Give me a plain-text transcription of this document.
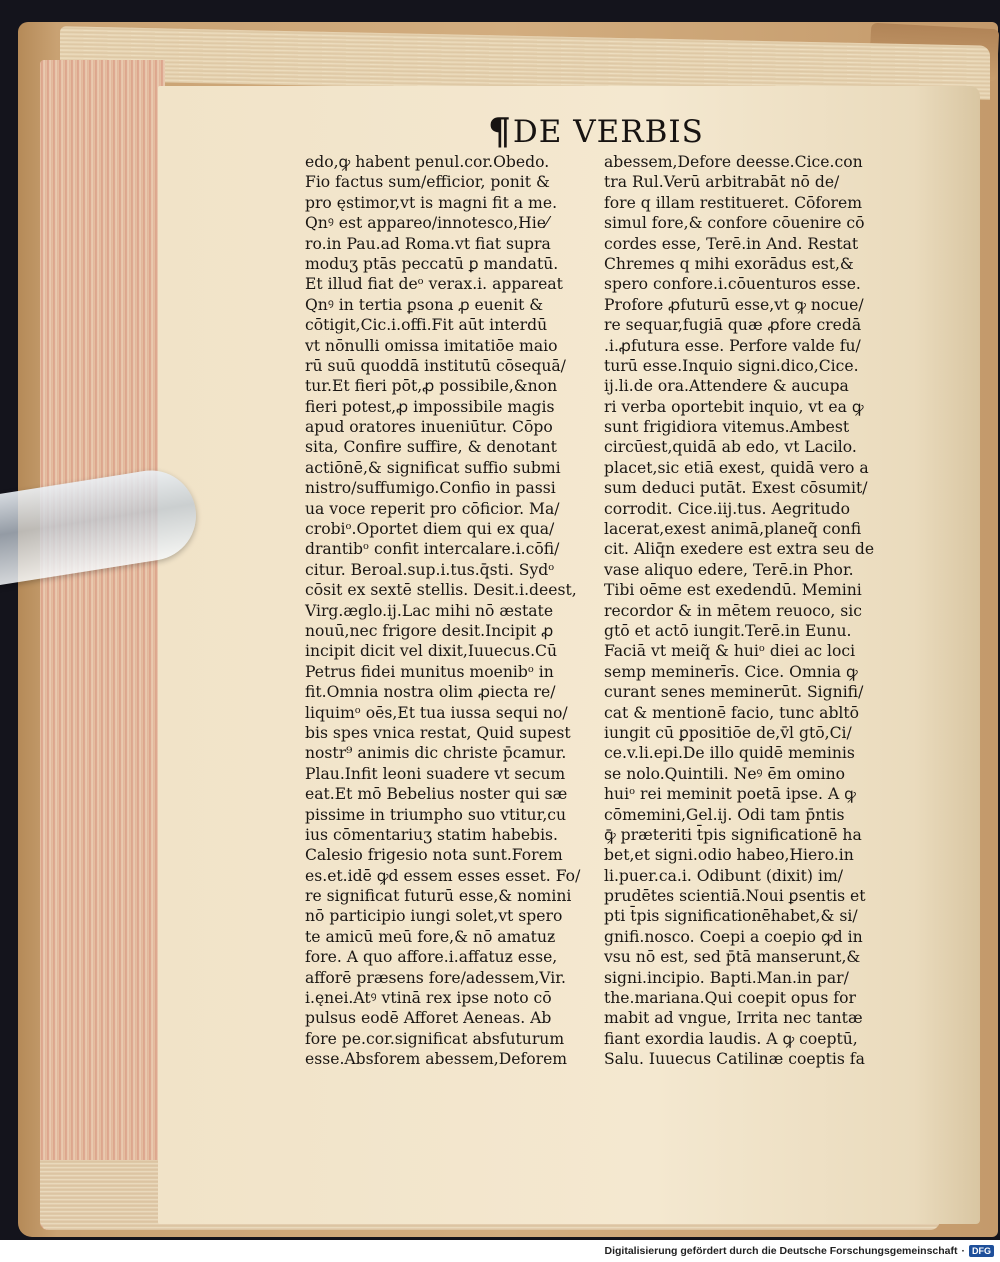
¶ DE VERBIS
edo,ꝙ habent penul.cor.Obedo.
Fio factus sum/efficior, ponit &
pro ęstimor,vt is magni fit a me.
Qnꝰ est appareo/innotesco,Hie⁄
ro.in Pau.ad Roma.vt fiat supra
moduʒ ptās peccatū ꝑ mandatū.
Et illud fiat deᵒ verax.i. appareat
Qnꝰ in tertia ꝑsona ꝓ euenit &
cōtigit,Cic.i.offi.Fit aūt interdū
vt nōnulli omissa imitatiōe maio
rū suū quoddā institutū cōsequā/
tur.Et fieri pōt,ꝓ possibile,&non
fieri potest,ꝓ impossibile magis
apud oratores inueniūtur. Cōpo
sita, Confire suffire, & denotant
actiōnē,& significat suffio submi
nistro/suffumigo.Confio in passi
ua voce reperit pro cōficior. Ma/
crobiᵒ.Oportet diem qui ex qua/
drantibᵒ confit intercalare.i.cōfi/
citur. Beroal.sup.i.tus.q̄sti. Sydᵒ
cōsit ex sextē stellis. Desit.i.deest,
Virg.æglo.ij.Lac mihi nō æstate
nouū,nec frigore desit.Incipit ꝓ
incipit dicit vel dixit,Iuuecus.Cū
Petrus fidei munitus moenibᵒ in
fit.Omnia nostra olim ꝓiecta re/
liquimᵒ oēs,Et tua iussa sequi no/
bis spes vnica restat, Quid supest
nostr⁹ animis dic christe p̄camur.
Plau.Infit leoni suadere vt secum
eat.Et mō Bebelius noster qui sæ
pissime in triumpho suo vtitur,cu
ius cōmentariuʒ statim habebis.
Calesio frigesio nota sunt.Forem
es.et.idē ꝙd essem esses esset. Fo/
re significat futurū esse,& nomini
nō participio iungi solet,vt spero
te amicū meū fore,& nō amatuƶ
fore. A quo affore.i.affatuƶ esse,
afforē præsens fore/adessem,Vir.
i.ęnei.Atꝰ vtinā rex ipse noto cō
pulsus eodē Afforet Aeneas. Ab
fore pe.cor.significat absfuturum
esse.Absforem abessem,Deforem
abessem,Defore deesse.Cice.con
tra Rul.Verū arbitrabāt nō de/
fore q illam restitueret. Cōforem
simul fore,& confore cōuenire cō
cordes esse, Terē.in And. Restat
Chremes q mihi exorādus est,&
spero confore.i.cōuenturos esse.
Profore ꝓfuturū esse,vt ꝙ nocue/
re sequar,fugiā quæ ꝓfore credā
.i.ꝓfutura esse. Perfore valde fu/
turū esse.Inquio signi.dico,Cice.
ij.li.de ora.Attendere & aucupa
ri verba oportebit inquio, vt ea ꝙ
sunt frigidiora vitemus.Ambest
circūest,quidā ab edo, vt Lacilo.
placet,sic etiā exest, quidā vero a
sum deduci putāt. Exest cōsumit/
corrodit. Cice.iij.tus. Aegritudo
lacerat,exest animā,planeq̃ confi
cit. Aliq̄n exedere est extra seu de
vase aliquo edere, Terē.in Phor.
Tibi oēme est exedendū. Memini
recordor & in mētem reuoco, sic
gtō et actō iungit.Terē.in Eunu.
Faciā vt meiq̃ & huiᵒ diei ac loci
semp meminerīs. Cice. Omnia ꝙ
curant senes meminerūt. Signifi/
cat & mentionē facio, tunc abltō
iungit cū ꝑpositiōe de,v̄l gtō,Ci/
ce.v.li.epi.De illo quidē meminis
se nolo.Quintili. Neꝰ ēm omino
huiᵒ rei meminit poetā ipse. A ꝙ
cōmemini,Gel.ij. Odi tam p̄ntis
ꝙ̄ præteriti t̄pis significationē ha
bet,et signi.odio habeo,Hiero.in
li.puer.ca.i. Odibunt (dixit) im/
prudētes scientiā.Noui ꝑsentis et
pti t̄pis significationēhabet,& si/
gnifi.nosco. Coepi a coepio ꝙd in
vsu nō est, sed p̄tā manserunt,&
signi.incipio. Bapti.Man.in par/
the.mariana.Qui coepit opus for
mabit ad vngue, Irrita nec tantæ
fiant exordia laudis. A ꝙ coeptū,
Salu. Iuuecus Catilinæ coeptis fa
Digitalisierung gefördert durch die Deutsche Forschungsgemeinschaft · DFG
